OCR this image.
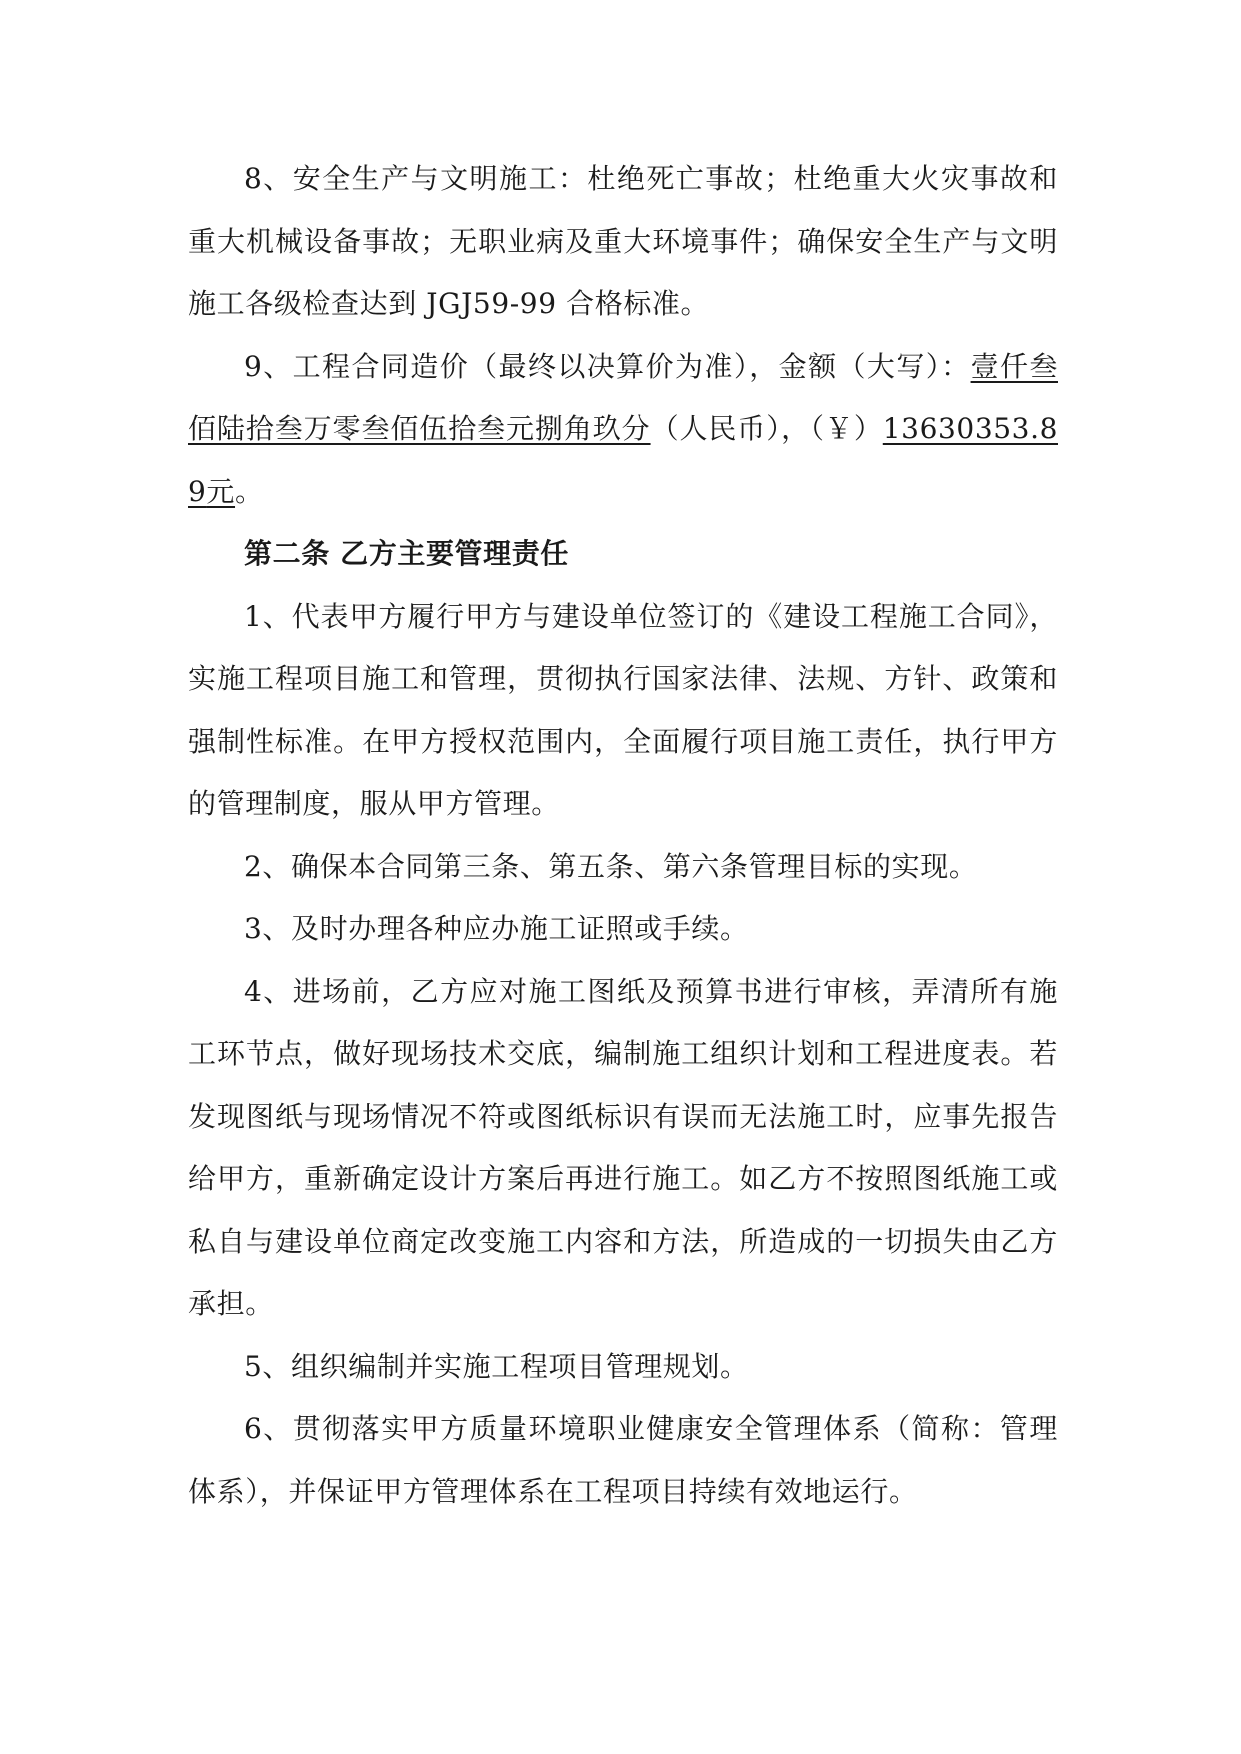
8、安全生产与文明施工：杜绝死亡事故；杜绝重大火灾事故和重大机械设备事故；无职业病及重大环境事件；确保安全生产与文明施工各级检查达到 JGJ59-99 合格标准。

9、工程合同造价（最终以决算价为准），金额（大写）：壹仟叁佰陆拾叁万零叁佰伍拾叁元捌角玖分（人民币），（￥）13630353.89元。

第二条 乙方主要管理责任

1、代表甲方履行甲方与建设单位签订的《建设工程施工合同》，实施工程项目施工和管理，贯彻执行国家法律、法规、方针、政策和强制性标准。在甲方授权范围内，全面履行项目施工责任，执行甲方的管理制度，服从甲方管理。

2、确保本合同第三条、第五条、第六条管理目标的实现。

3、及时办理各种应办施工证照或手续。

4、进场前，乙方应对施工图纸及预算书进行审核，弄清所有施工环节点，做好现场技术交底，编制施工组织计划和工程进度表。若发现图纸与现场情况不符或图纸标识有误而无法施工时，应事先报告给甲方，重新确定设计方案后再进行施工。如乙方不按照图纸施工或私自与建设单位商定改变施工内容和方法，所造成的一切损失由乙方承担。

5、组织编制并实施工程项目管理规划。

6、贯彻落实甲方质量环境职业健康安全管理体系（简称：管理体系），并保证甲方管理体系在工程项目持续有效地运行。
